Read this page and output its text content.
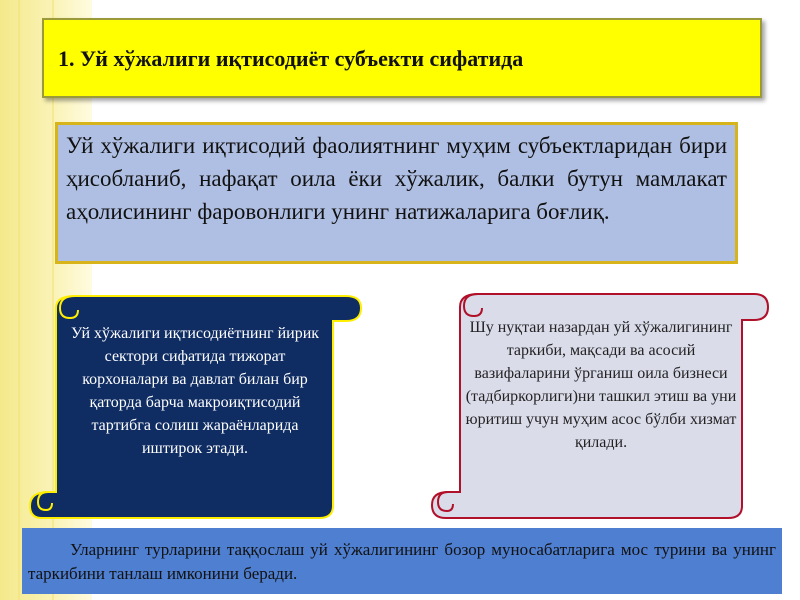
1. Уй хўжалиги иқтисодиёт субъекти сифатида
Уй хўжалиги иқтисодий фаолиятнинг муҳим субъектларидан бири ҳисобланиб, нафақат оила ёки хўжалик, балки бутун мамлакат аҳолисининг фаровонлиги унинг натижаларига боғлиқ.
Уй хўжалиги иқтисодиётнинг йирик сектори сифатида тижорат корхоналари ва давлат билан бир қаторда барча макроиқтисодий тартибга солиш жараёнларида иштирок этади.
Шу нуқтаи назардан уй хўжалигининг таркиби, мақсади ва асосий вазифаларини ўрганиш оила бизнеси (тадбиркорлиги)ни ташкил этиш ва уни юритиш учун муҳим асос бўлби хизмат қилади.
Уларнинг турларини таққослаш уй хўжалигининг бозор муносабатларига мос турини ва унинг таркибини танлаш имконини беради.
